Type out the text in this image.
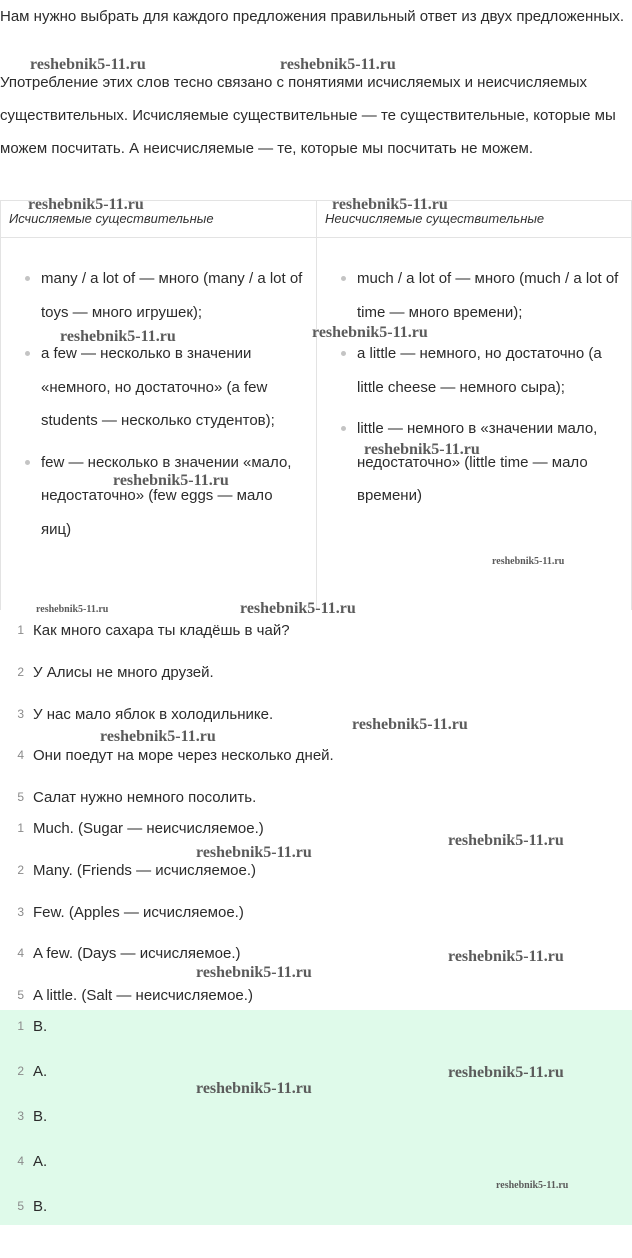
Нам нужно выбрать для каждого предложения правильный ответ из двух предложенных.

Употребление этих слов тесно связано с понятиями исчисляемых и неисчисляемых существительных. Исчисляемые существительные — те существительные, которые мы можем посчитать. А неисчисляемые — те, которые мы посчитать не можем.

Исчисляемые существительные
many / a lot of — много (many / a lot of toys — много игрушек);
a few — несколько в значении «немного, но достаточно» (a few students — несколько студентов);
few — несколько в значении «мало, недостаточно» (few eggs — мало яиц)
Неисчисляемые существительные
much / a lot of — много (much / a lot of time — много времени);
a little — немного, но достаточно (a little cheese — немного сыра);
little — немного в «значении мало, недостаточно» (little time — мало времени)
1 Как много сахара ты кладёшь в чай?
2 У Алисы не много друзей.
3 У нас мало яблок в холодильнике.
4 Они поедут на море через несколько дней.
5 Салат нужно немного посолить.
1 Much. (Sugar — неисчисляемое.)
2 Many. (Friends — исчисляемое.)
3 Few. (Apples — исчисляемое.)
4 A few. (Days — исчисляемое.)
5 A little. (Salt — неисчисляемое.)
1 B.
2 A.
3 B.
4 A.
5 B.
reshebnik5-11.ru	reshebnik5-11.ru
reshebnik5-11.ru	reshebnik5-11.ru
reshebnik5-11.ru	reshebnik5-11.ru
reshebnik5-11.ru
reshebnik5-11.ru
reshebnik5-11.ru
reshebnik5-11.ru	reshebnik5-11.ru
reshebnik5-11.ru
reshebnik5-11.ru
reshebnik5-11.ru
reshebnik5-11.ru
reshebnik5-11.ru
reshebnik5-11.ru
reshebnik5-11.ru
reshebnik5-11.ru
reshebnik5-11.ru
